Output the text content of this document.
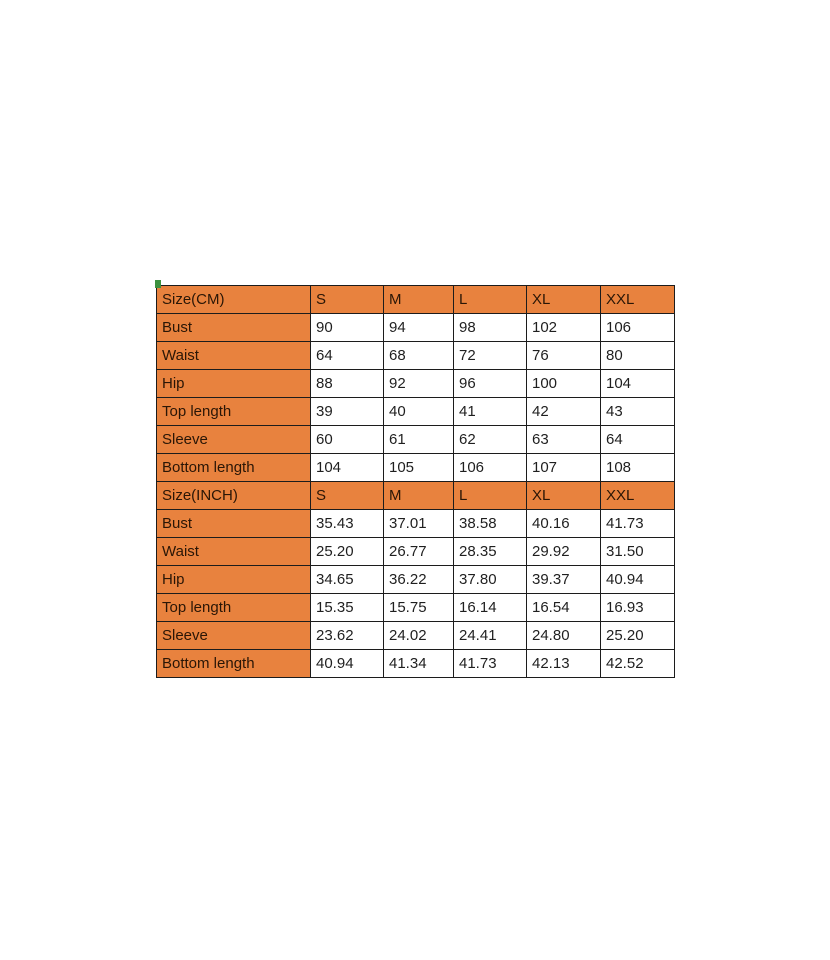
Size(CM)	S	M	L	XL	XXL
Bust	90	94	98	102	106
Waist	64	68	72	76	80
Hip	88	92	96	100	104
Top length	39	40	41	42	43
Sleeve	60	61	62	63	64
Bottom length	104	105	106	107	108
Size(INCH)	S	M	L	XL	XXL
Bust	35.43	37.01	38.58	40.16	41.73
Waist	25.20	26.77	28.35	29.92	31.50
Hip	34.65	36.22	37.80	39.37	40.94
Top length	15.35	15.75	16.14	16.54	16.93
Sleeve	23.62	24.02	24.41	24.80	25.20
Bottom length	40.94	41.34	41.73	42.13	42.52
